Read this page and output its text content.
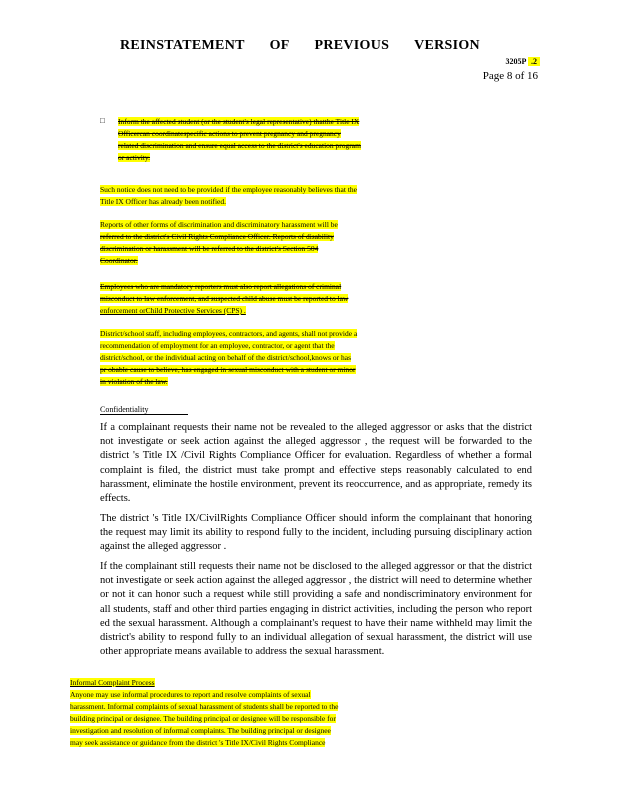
REINSTATEMENT OF PREVIOUS VERSION
3205P .2
Page 8 of 16
□ Inform the affected student (or the student's legal representative) thatthe Title IX
Officercan coordinatespecific actions to prevent pregnancy and pregnancy
related discrimination and ensure equal access to the district's education program
or activity.
Such notice does not need to be provided if the employee reasonably believes that the
Title IX Officer has already been notified.
Reports of other forms of discrimination and discriminatory harassment will be
referred to the district's Civil Rights Compliance Officer. Reports of disability
discrimination or harassment will be referred to the district's Section 504
Coordinator.
Employees who are mandatory reporters must also report allegations of criminal
misconduct to law enforcement, and suspected child abuse must be reported to law
enforcement orChild Protective Services (CPS) .
District/school staff, including employees, contractors, and agents, shall not provide a
recommendation of employment for an employee, contractor, or agent that the
district/school, or the individual acting on behalf of the district/school,knows or has
pr obable cause to believe, has engaged in sexual misconduct with a student or minor
in violation of the law.
Confidentiality
If a complainant requests their name not be revealed to the alleged aggressor or asks that the district not investigate or seek action against the alleged aggressor , the request will be forwarded to the district 's Title IX /Civil Rights Compliance Officer for evaluation. Regardless of whether a formal complaint is filed, the district must take prompt and effective steps reasonably calculated to end harassment, eliminate the hostile environment, prevent its reoccurrence, and as appropriate, remedy its effects.
The district 's Title IX/CivilRights Compliance Officer should inform the complainant that honoring the request may limit its ability to respond fully to the incident, including pursuing disciplinary action against the alleged aggressor .
If the complainant still requests their name not be disclosed to the alleged aggressor or that the district not investigate or seek action against the alleged aggressor , the district will need to determine whether or not it can honor such a request while still providing a safe and nondiscriminatory environment for all students, staff and other third parties engaging in district activities, including the person who report ed the sexual harassment. Although a complainant's request to have their name withheld may limit the district's ability to respond fully to an individual allegation of sexual harassment, the district will use other appropriate means available to address the sexual harassment.
Informal Complaint Process
Anyone may use informal procedures to report and resolve complaints of sexual
harassment. Informal complaints of sexual harassment of students shall be reported to the
building principal or designee. The building principal or designee will be responsible for
investigation and resolution of informal complaints. The building principal or designee
may seek assistance or guidance from the district 's Title IX/Civil Rights Compliance
